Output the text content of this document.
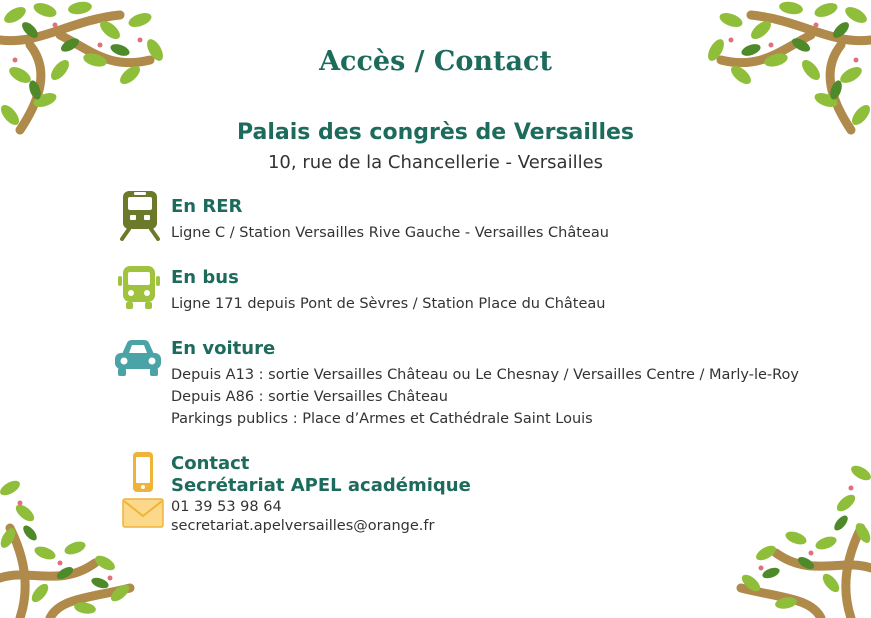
Accès / Contact
Palais des congrès de Versailles
10, rue de la Chancellerie - Versailles
En RER
Ligne C / Station Versailles Rive Gauche - Versailles Château
En bus
Ligne 171 depuis Pont de Sèvres / Station Place du Château
En voiture
Depuis A13 : sortie Versailles Château ou Le Chesnay / Versailles Centre / Marly-le-Roy
Depuis A86 : sortie Versailles Château
Parkings publics : Place d’Armes et Cathédrale Saint Louis
Contact
Secrétariat APEL académique
01 39 53 98 64
secretariat.apelversailles@orange.fr
